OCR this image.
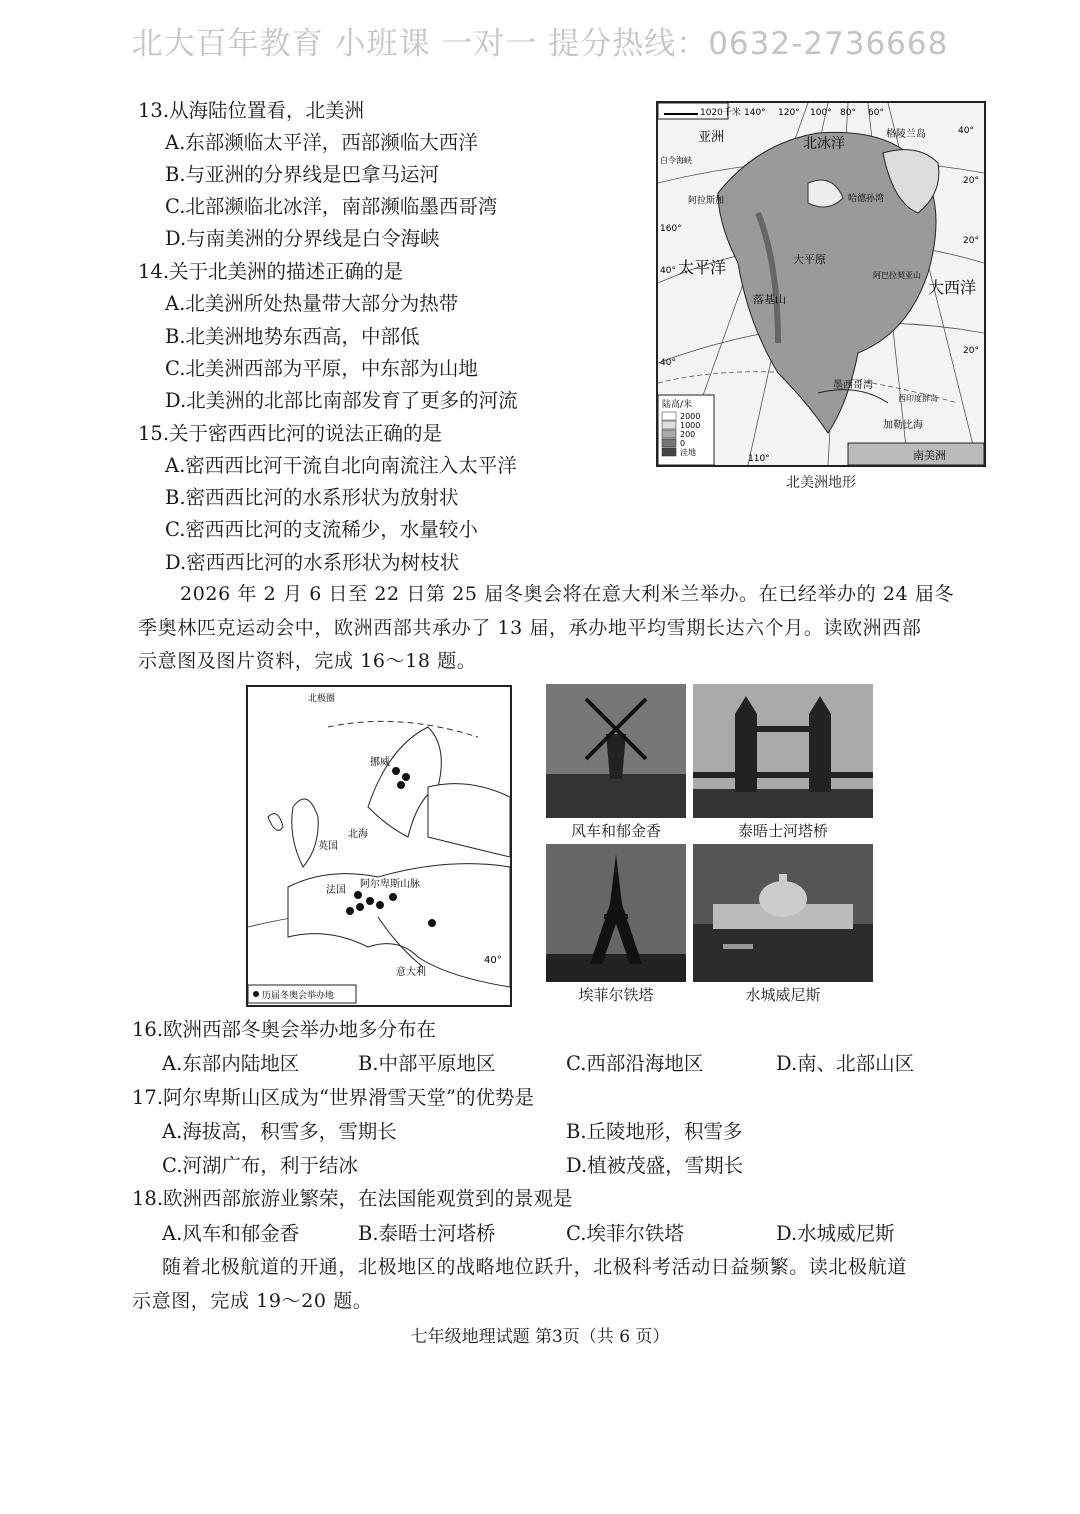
北大百年教育 小班课 一对一 提分热线：0632-2736668
13.从海陆位置看，北美洲
A.东部濒临太平洋，西部濒临大西洋
B.与亚洲的分界线是巴拿马运河
C.北部濒临北冰洋，南部濒临墨西哥湾
D.与南美洲的分界线是白令海峡
14.关于北美洲的描述正确的是
A.北美洲所处热量带大部分为热带
B.北美洲地势东西高，中部低
C.北美洲西部为平原，中东部为山地
D.北美洲的北部比南部发育了更多的河流
15.关于密西西比河的说法正确的是
A.密西西比河干流自北向南流注入太平洋
B.密西西比河的水系形状为放射状
C.密西西比河的支流稀少，水量较小
D.密西西比河的水系形状为树枝状
1020千米
亚洲	北冰洋
格陵兰岛
太平洋
大西洋
落基山
墨西哥湾
加勒比海
南美洲
哈德孙湾
阿巴拉契亚山
大平原
西印度群岛
白令海峡
阿拉斯加
140° 120° 100° 80° 60°
40°
20°
160°
40°
20°
40°
20°
110°
陆高/米
2000
1000
200
0
洼地
北美洲地形
2026 年 2 月 6 日至 22 日第 25 届冬奥会将在意大利米兰举办。在已经举办的 24 届冬
季奥林匹克运动会中，欧洲西部共承办了 13 届，承办地平均雪期长达六个月。读欧洲西部
示意图及图片资料，完成 16～18 题。
挪威
北海
英国
法国
阿尔卑斯山脉
意大利
北极圈
40°
历届冬奥会举办地
风车和郁金香	泰晤士河塔桥
埃菲尔铁塔	水城威尼斯
16.欧洲西部冬奥会举办地多分布在
A.东部内陆地区	B.中部平原地区	C.西部沿海地区	D.南、北部山区
17.阿尔卑斯山区成为“世界滑雪天堂”的优势是
A.海拔高，积雪多，雪期长	B.丘陵地形，积雪多
C.河湖广布，利于结冰	D.植被茂盛，雪期长
18.欧洲西部旅游业繁荣，在法国能观赏到的景观是
A.风车和郁金香	B.泰晤士河塔桥	C.埃菲尔铁塔	D.水城威尼斯
随着北极航道的开通，北极地区的战略地位跃升，北极科考活动日益频繁。读北极航道
示意图，完成 19～20 题。
七年级地理试题 第3页（共 6 页）
